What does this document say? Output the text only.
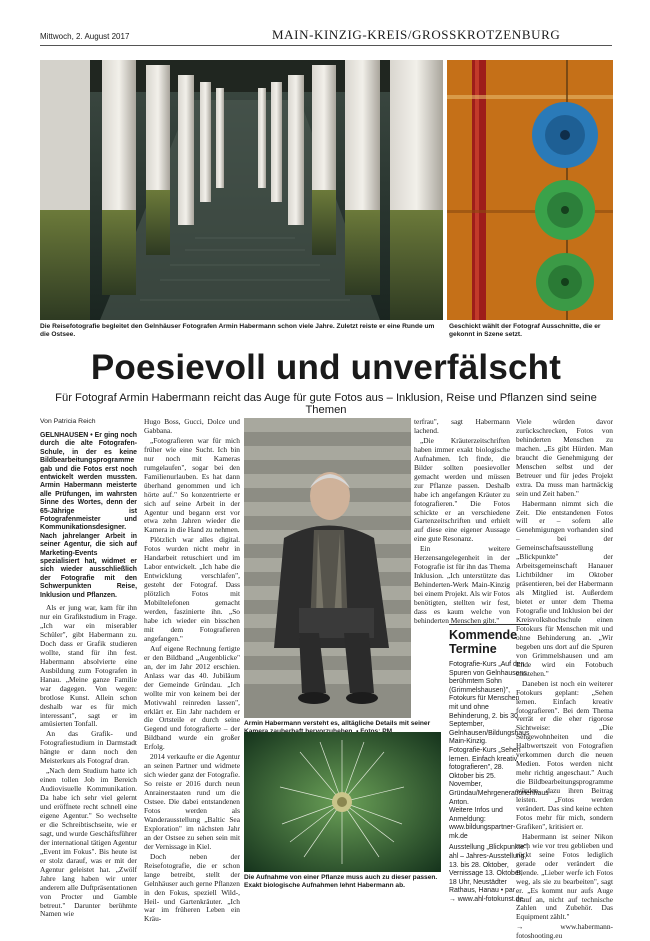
Mittwoch, 2. August 2017	MAIN-KINZIG-KREIS/GROSSKROTZENBURG
Die Reisefotografie begleitet den Gelnhäuser Fotografen Armin Habermann schon viele Jahre. Zuletzt reiste er eine Runde um die Ostsee.
Geschickt wählt der Fotograf Ausschnitte, die er gekonnt in Szene setzt.
Poesievoll und unverfälscht
Für Fotograf Armin Habermann reicht das Auge für gute Fotos aus – Inklusion, Reise und Pflanzen sind seine Themen
Von Patricia Reich
GELNHAUSEN • Er ging noch durch die alte Fotografen-Schule, in der es keine Bildbearbeitungsprogramme gab und die Fotos erst noch entwickelt werden mussten. Armin Habermann meisterte alle Prüfungen, im wahrsten Sinne des Wortes, denn der 65-Jährige ist Fotografenmeister und Kommunikationsdesigner. Nach jahrelanger Arbeit in seiner Agentur, die sich auf Marketing-Events spezialisiert hat, widmet er sich wieder ausschließlich der Fotografie mit den Schwerpunkten Reise, Inklusion und Pflanzen.

Als er jung war, kam für ihn nur ein Grafikstudium in Frage. „Ich war ein miserabler Schüler", gibt Habermann zu. Doch dass er Grafik studieren wollte, stand für ihn fest. Habermann absolvierte eine Ausbildung zum Fotografen in Hanau. „Meine ganze Familie war dagegen. Von wegen: brotlose Kunst. Allein schon deshalb war es für mich interessant", sagt er im amüsierten Tonfall.

An das Grafik- und Fotografiestudium in Darmstadt hängte er dann noch den Meisterkurs als Fotograf dran.

„Nach dem Studium hatte ich einen tollen Job im Bereich Audiovisuelle Kommunikation. Da habe ich sehr viel gelernt und eröffnete recht schnell eine eigene Agentur." So wechselte er die Schreibtischseite, wie er sagt, und wurde Geschäftsführer der international tätigen Agentur „Event im Fokus". Bis heute ist er stolz darauf, was er mit der Agentur geleistet hat. „Zwölf Jahre lang haben wir unter anderem alle Duftpräsentationen von Procter und Gamble betreut." Darunter berühmte Namen wie

Hugo Boss, Gucci, Dolce und Gabbana.

„Fotografieren war für mich früher wie eine Sucht. Ich bin nur noch mit Kameras rumgelaufen", sogar bei den Familienurlauben. Es hat dann überhand genommen und ich hörte auf." So konzentrierte er sich auf seine Arbeit in der Agentur und begann erst vor etwa zehn Jahren wieder die Kamera in die Hand zu nehmen.

Plötzlich war alles digital. Fotos wurden nicht mehr in Handarbeit retuschiert und im Labor entwickelt. „Ich habe die Entwicklung verschlafen", gesteht der Fotograf. Dass plötzlich Fotos mit Mobiltelefonen gemacht werden, faszinierte ihn. „So habe ich wieder ein bisschen mit dem Fotografieren angefangen."

Auf eigene Rechnung fertigte er den Bildband „Augenblicke" an, der im Jahr 2012 erschien. Anlass war das 40. Jubiläum der Gemeinde Gründau. „Ich wollte mir von keinem bei der Motivwahl reinreden lassen", erklärt er. Ein Jahr nachdem er die Ortsteile er durch seine Gegend und fotografierte – der Bildband wurde ein großer Erfolg.

2014 verkaufte er die Agentur an seinen Partner und widmete sich wieder ganz der Fotografie. So reiste er 2016 durch neun Anrainerstaaten rund um die Ostsee. Die dabei entstandenen Fotos werden als Wanderausstellung „Baltic Sea Exploration" im nächsten Jahr an der Ostsee zu sehen sein mit der Vernissage in Kiel.

Doch neben der Reisefotografie, die er schon lange betreibt, stellt der Gelnhäuser auch gerne Pflanzen in den Fokus, speziell Wild-, Heil- und Gartenkräuter. „Ich war im früheren Leben ein Kräu-

Armin Habermann versteht es, alltägliche Details mit seiner

terfrau", sagt Habermann lachend.

„Die Kräuterzeitschriften haben immer exakt biologische Aufnahmen. Ich finde, die Bilder sollten poesievoller gemacht werden und müssen zur Pflanze passen. Deshalb habe ich angefangen Kräuter zu fotografieren." Die Fotos schickte er an verschiedene Gartenzeitschriften und erhielt auf diese eine eigener Aussage eine gute Resonanz.

Ein weitere Herzensangelegenheit in der Fotografie ist für ihn das Thema Inklusion. „Ich unterstützte das Behinderten-Werk Main-Kinzig bei einem Projekt. Als wir Fotos benötigten, stellten wir fest, dass es kaum welche von behinderten Menschen gibt."

Kommende Termine
Fotografie-Kurs „Auf den Spuren von Gelnhausens berühmtem Sohn (Grimmelshausen)", Fotokurs für Menschen mit und ohne Behinderung, 2. bis 30. September, Gelnhausen/Bildungshaus Main-Kinzig.
Fotografie-Kurs „Sehen lernen. Einfach kreativ fotografieren", 28. Oktober bis 25. November, Gründau/Mehrgenerationenhaus Anton.
Weitere Infos und Anmeldung: www.bildungspartner-mk.de
Ausstellung „Blickpunkte", ahl – Jahres-Ausstellung, 13. bis 28. Oktober, Vernissage 13. Oktober, 18 Uhr, Neustädter Rathaus, Hanau • par
→ www.ahl-fotokunst.de

Viele würden davor zurückschrecken, Fotos von behinderten Menschen zu machen. „Es gibt Hürden. Man braucht die Genehmigung der Menschen selbst und der Betreuer und für jedes Projekt extra. Da muss man hartnäckig sein und Zeit haben."

Habermann nimmt sich die Zeit. Die entstandenen Fotos will er – sofern alle Genehmigungen vorhanden sind – bei der Gemeinschaftsausstellung „Blickpunkte" der Arbeitsgemeinschaft Hanauer Lichtbildner im Oktober präsentieren, bei der Habermann als Mitglied ist. Außerdem bietet er unter dem Thema Fotografie und Inklusion bei der Kreisvolkshochschule einen Fotokurs für Menschen mit und ohne Behinderung an. „Wir begeben uns dort auf die Spuren von Grimmelshausen und am Ende wird ein Fotobuch entstehen."

Daneben ist noch ein weiterer Fotokurs geplant: „Sehen lernen. Einfach kreativ fotografieren". Bei dem Thema verrät er die eher rigorose Sichtweise: „Die Sehgewohnheiten und die Halbwertszeit von Fotografien verkommen durch die neuen Medien. Fotos werden nicht mehr richtig angeschaut." Auch die Bildbearbeitungsprogramme würden dazu ihren Beitrag leisten. „Fotos werden verändert. Das sind keine echten Fotos mehr für mich, sondern Grafiken", kritisiert er.

Habermann ist seiner Nikon nach wie vor treu geblieben und rückt seine Fotos lediglich gerade oder verändert die Blende. „Lieber werfe ich Fotos weg, als sie zu bearbeiten", sagt er. „Es kommt nur aufs Auge drauf an, nicht auf technische Zahlen und Zubehör. Das Equipment zählt."

→ www.habermann-fotoshooting.eu

Die Aufnahme von einer Pflanze muss auch zu dieser passen. Exakt biologische Aufnahmen lehnt Habermann ab.
